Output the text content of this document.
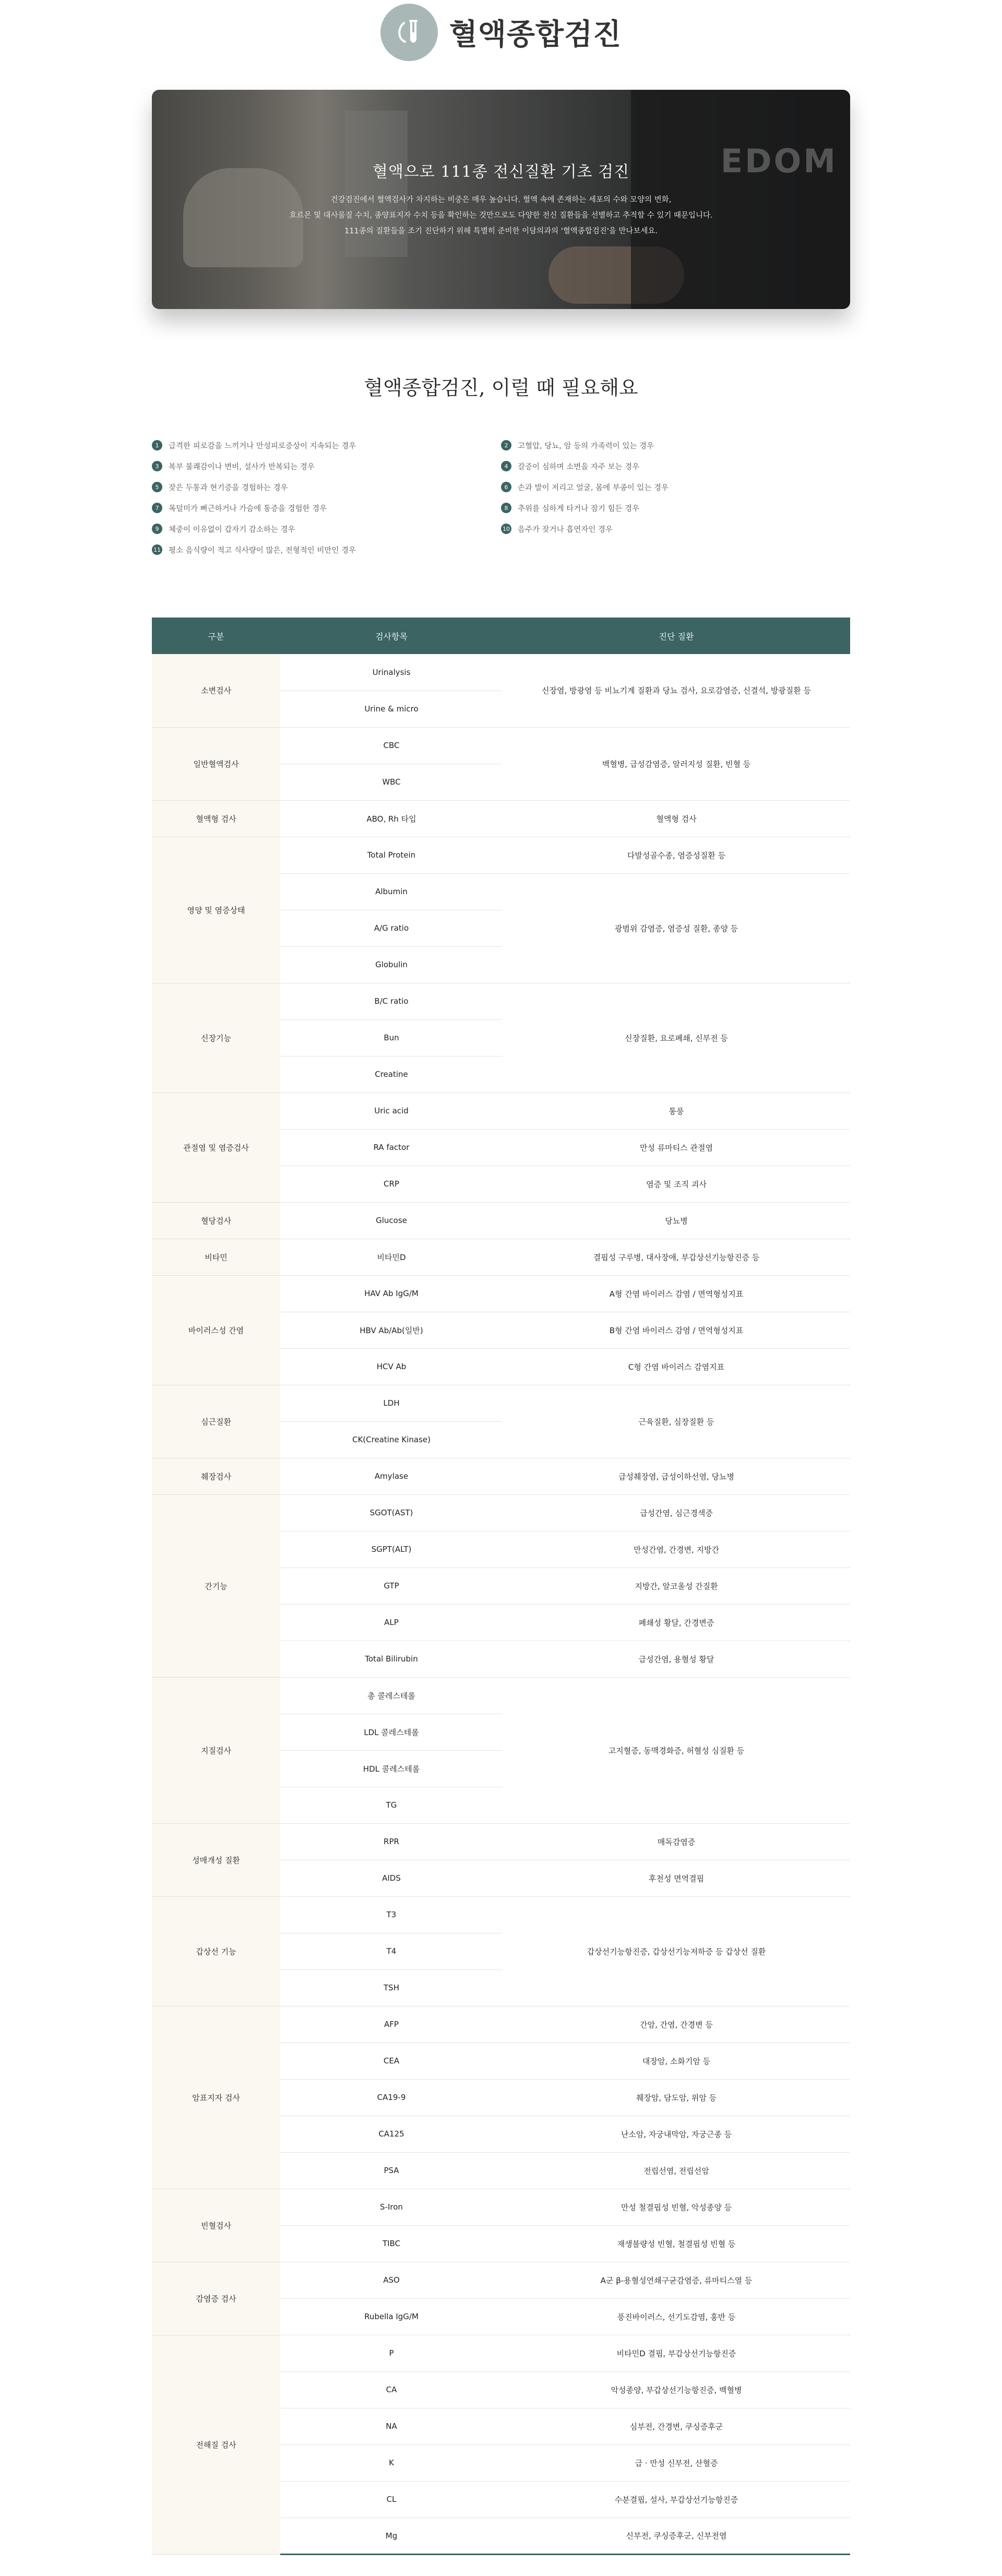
혈액종합검진
EDOM
혈액으로 111종 전신질환 기초 검진
건강검진에서 혈액검사가 차지하는 비중은 매우 높습니다. 혈액 속에 존재하는 세포의 수와 모양의 변화,
호르몬 및 대사물질 수치, 종양표지자 수치 등을 확인하는 것만으로도 다양한 전신 질환들을 선별하고 추적할 수 있기 때문입니다.
111종의 질환들을 조기 진단하기 위해 특별히 준비한 이담의과의 '혈액종합검진'을 만나보세요.
혈액종합검진, 이럴 때 필요해요
1	급격한 피로감을 느끼거나 만성피로증상이 지속되는 경우
3	복부 불쾌감이나 변비, 설사가 반복되는 경우
5	잦은 두통과 현기증을 경험하는 경우
7	목덜미가 뻐근하거나 가슴에 통증을 경험한 경우
9	체중이 이유없이 갑자기 감소하는 경우
11 평소 음식량이 적고 식사량이 많은, 전형적인 비만인 경우
2	고혈압, 당뇨, 암 등의 가족력이 있는 경우
4	갈증이 심하며 소변을 자주 보는 경우
6	손과 발이 저리고 얼굴, 몸에 부종이 있는 경우
8	추위를 심하게 타거나 잠기 힘든 경우
10 음주가 잦거나 흡연자인 경우
구분	검사항목	진단 질환
소변검사	Urinalysis	신장염, 방광염 등 비뇨기계 질환과 당뇨 검사, 요로감염증, 신결석, 방광질환 등
	Urine & micro	
일반혈액검사	CBC	백혈병, 급성감염증, 알러지성 질환, 빈혈 등
	WBC	
혈액형 검사	ABO, Rh 타입	혈액형 검사
영양 및 염증상태	Total Protein	다발성골수종, 염증성질환 등
	Albumin	광범위 감염증, 염증성 질환, 종양 등
	A/G ratio	
	Globulin	
신장기능	B/C ratio	신장질환, 요로폐쇄, 신부전 등
	Bun	
	Creatine	
관절염 및 염증검사	Uric acid	통풍
	RA factor	만성 류마티스 관절염
	CRP	염증 및 조직 괴사
혈당검사	Glucose	당뇨병
비타민	비타민D	결핍성 구루병, 대사장애, 부갑상선기능항진증 등
바이러스성 간염	HAV Ab IgG/M	A형 간염 바이러스 감염 / 면역형성지표
	HBV Ab/Ab(일반)	B형 간염 바이러스 감염 / 면역형성지표
	HCV Ab	C형 간염 바이러스 감염지표
심근질환	LDH	근육질환, 심장질환 등
	CK(Creatine Kinase)	
췌장검사	Amylase	급성췌장염, 급성이하선염, 당뇨병
간기능	SGOT(AST)	급성간염, 심근경색증
	SGPT(ALT)	만성간염, 간경변, 지방간
	GTP	지방간, 알코올성 간질환
	ALP	폐쇄성 황달, 간경변증
	Total Bilirubin	급성간염, 용혈성 황달
지질검사	총 콜레스테롤	고지혈증, 동맥경화증, 허혈성 심질환 등
	LDL 콜레스테롤	
	HDL 콜레스테롤	
	TG	
성매개성 질환	RPR	매독감염증
	AIDS	후천성 면역결핍
갑상선 기능	T3	갑상선기능항진증, 갑상선기능저하증 등 갑상선 질환
	T4	
	TSH	
암표지자 검사	AFP	간암, 간염, 간경변 등
	CEA	대장암, 소화기암 등
	CA19-9	췌장암, 담도암, 위암 등
	CA125	난소암, 자궁내막암, 자궁근종 등
	PSA	전립선염, 전립선암
빈혈검사	S-Iron	만성 철결핍성 빈혈, 악성종양 등
	TIBC	재생불량성 빈혈, 철결핍성 빈혈 등
감염증 검사	ASO	A군 β-용혈성연쇄구균감염증, 류마티스열 등
	Rubella IgG/M	풍진바이러스, 선기도감염, 홍반 등
전해질 검사	P	비타민D 결핍, 부갑상선기능항진증
	CA	악성종양, 부갑상선기능항진증, 백혈병
	NA	심부전, 간경변, 쿠싱증후군
	K	급 · 만성 신부전, 산혈증
	CL	수분결핍, 설사, 부갑상선기능항진증
	Mg	신부전, 쿠싱증후군, 신부전염
